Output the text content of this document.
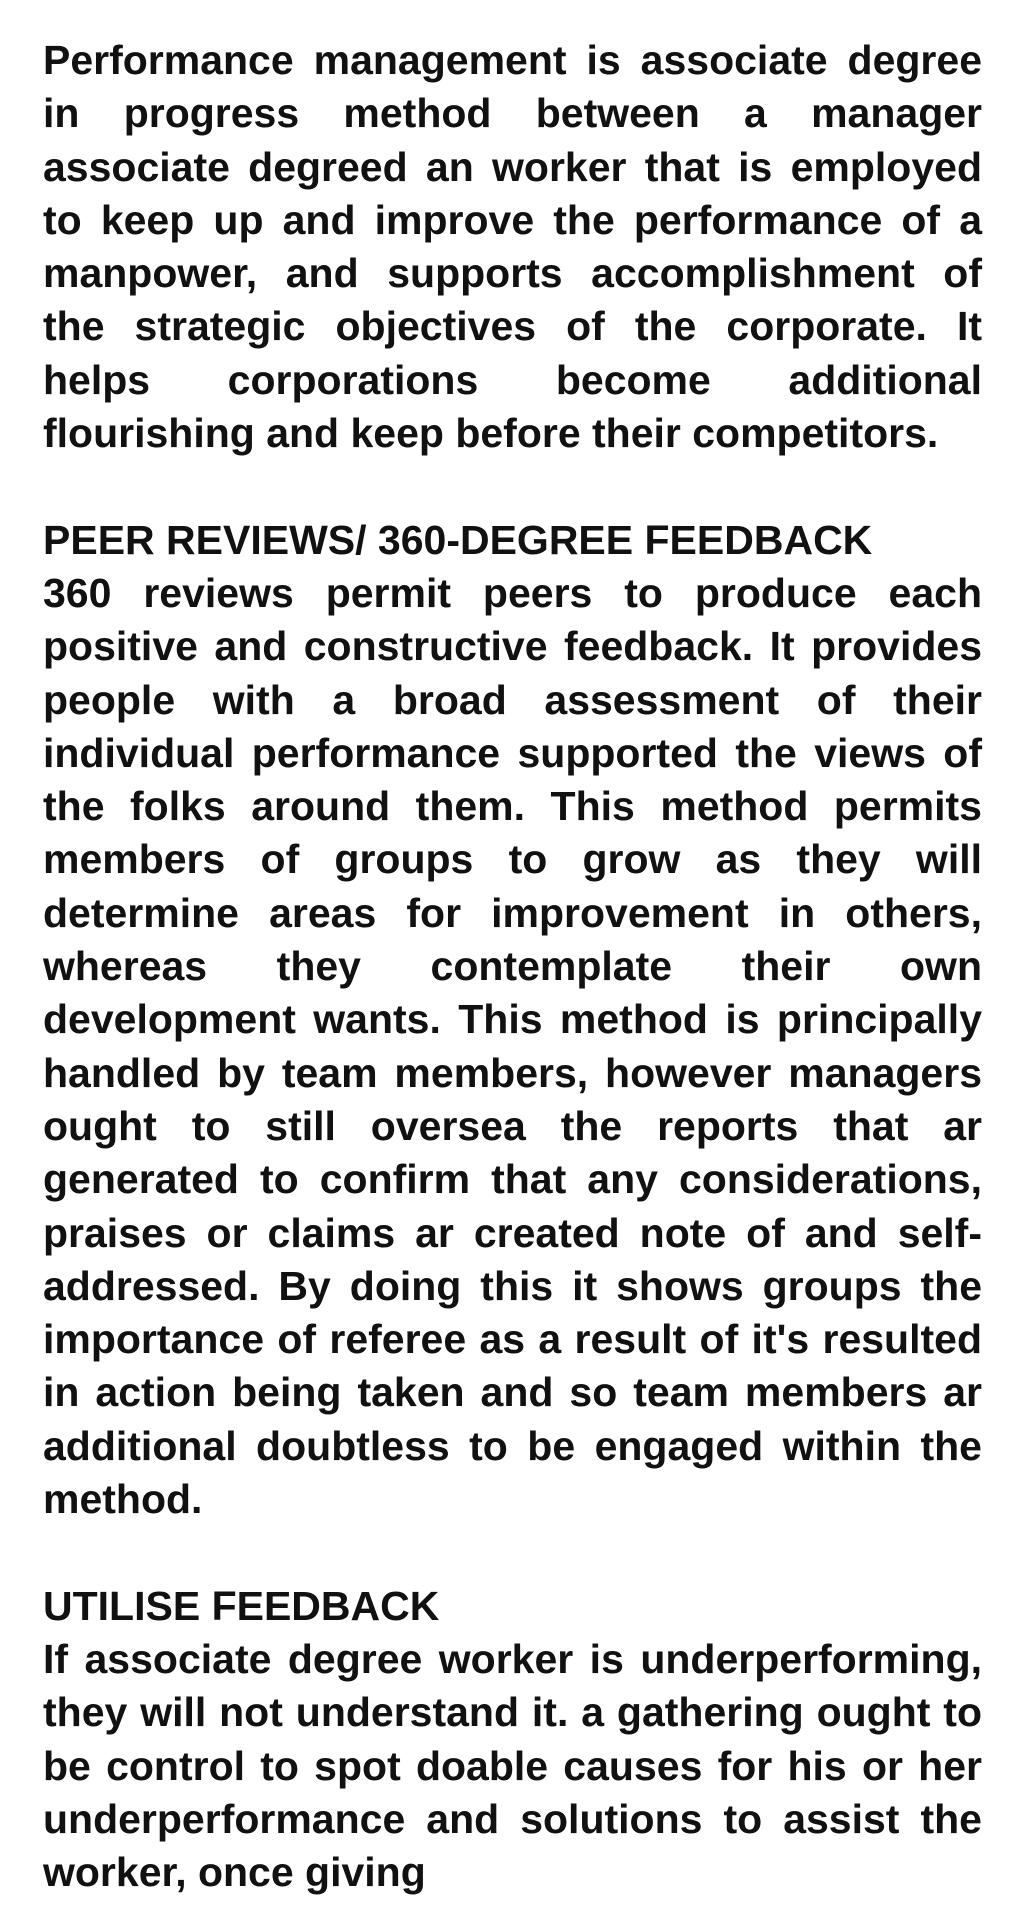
Performance management is associate degree in progress method between a manager associate degreed an worker that is employed to keep up and improve the performance of a manpower, and supports accomplishment of the strategic objectives of the corporate. It helps corporations become additional flourishing and keep before their competitors.

PEER REVIEWS/ 360-DEGREE FEEDBACK

360 reviews permit peers to produce each positive and constructive feedback. It provides people with a broad assessment of their individual performance supported the views of the folks around them. This method permits members of groups to grow as they will determine areas for improvement in others, whereas they contemplate their own development wants. This method is principally handled by team members, however managers ought to still oversea the reports that ar generated to confirm that any considerations, praises or claims ar created note of and self-addressed. By doing this it shows groups the importance of referee as a result of it's resulted in action being taken and so team members ar additional doubtless to be engaged within the method.

UTILISE FEEDBACK

If associate degree worker is underperforming, they will not understand it. a gathering ought to be control to spot doable causes for his or her underperformance and solutions to assist the worker, once giving
